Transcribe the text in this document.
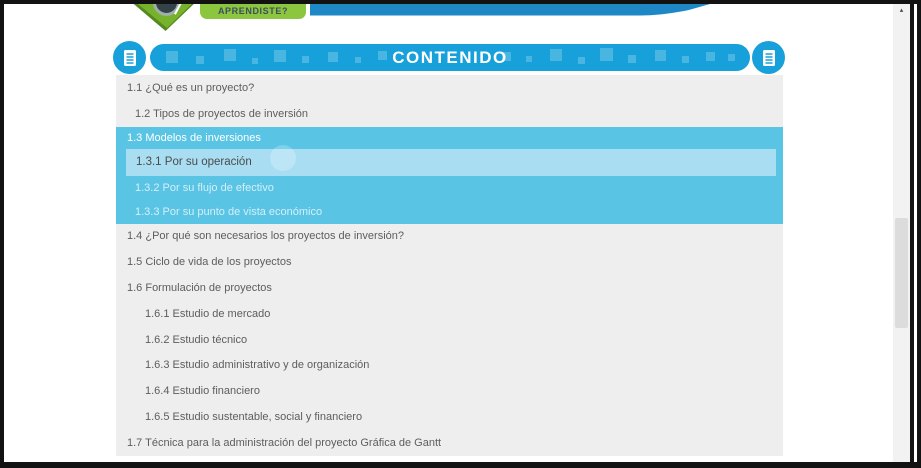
APRENDISTE?
CONTENIDO
1.1 ¿Qué es un proyecto?
1.2 Tipos de proyectos de inversión
1.3 Modelos de inversiones
1.3.1 Por su operación
1.3.2 Por su flujo de efectivo
1.3.3 Por su punto de vista económico
1.4 ¿Por qué son necesarios los proyectos de inversión?
1.5 Ciclo de vida de los proyectos
1.6 Formulación de proyectos
1.6.1 Estudio de mercado
1.6.2 Estudio técnico
1.6.3 Estudio administrativo y de organización
1.6.4 Estudio financiero
1.6.5 Estudio sustentable, social y financiero
1.7 Técnica para la administración del proyecto Gráfica de Gantt
▴
